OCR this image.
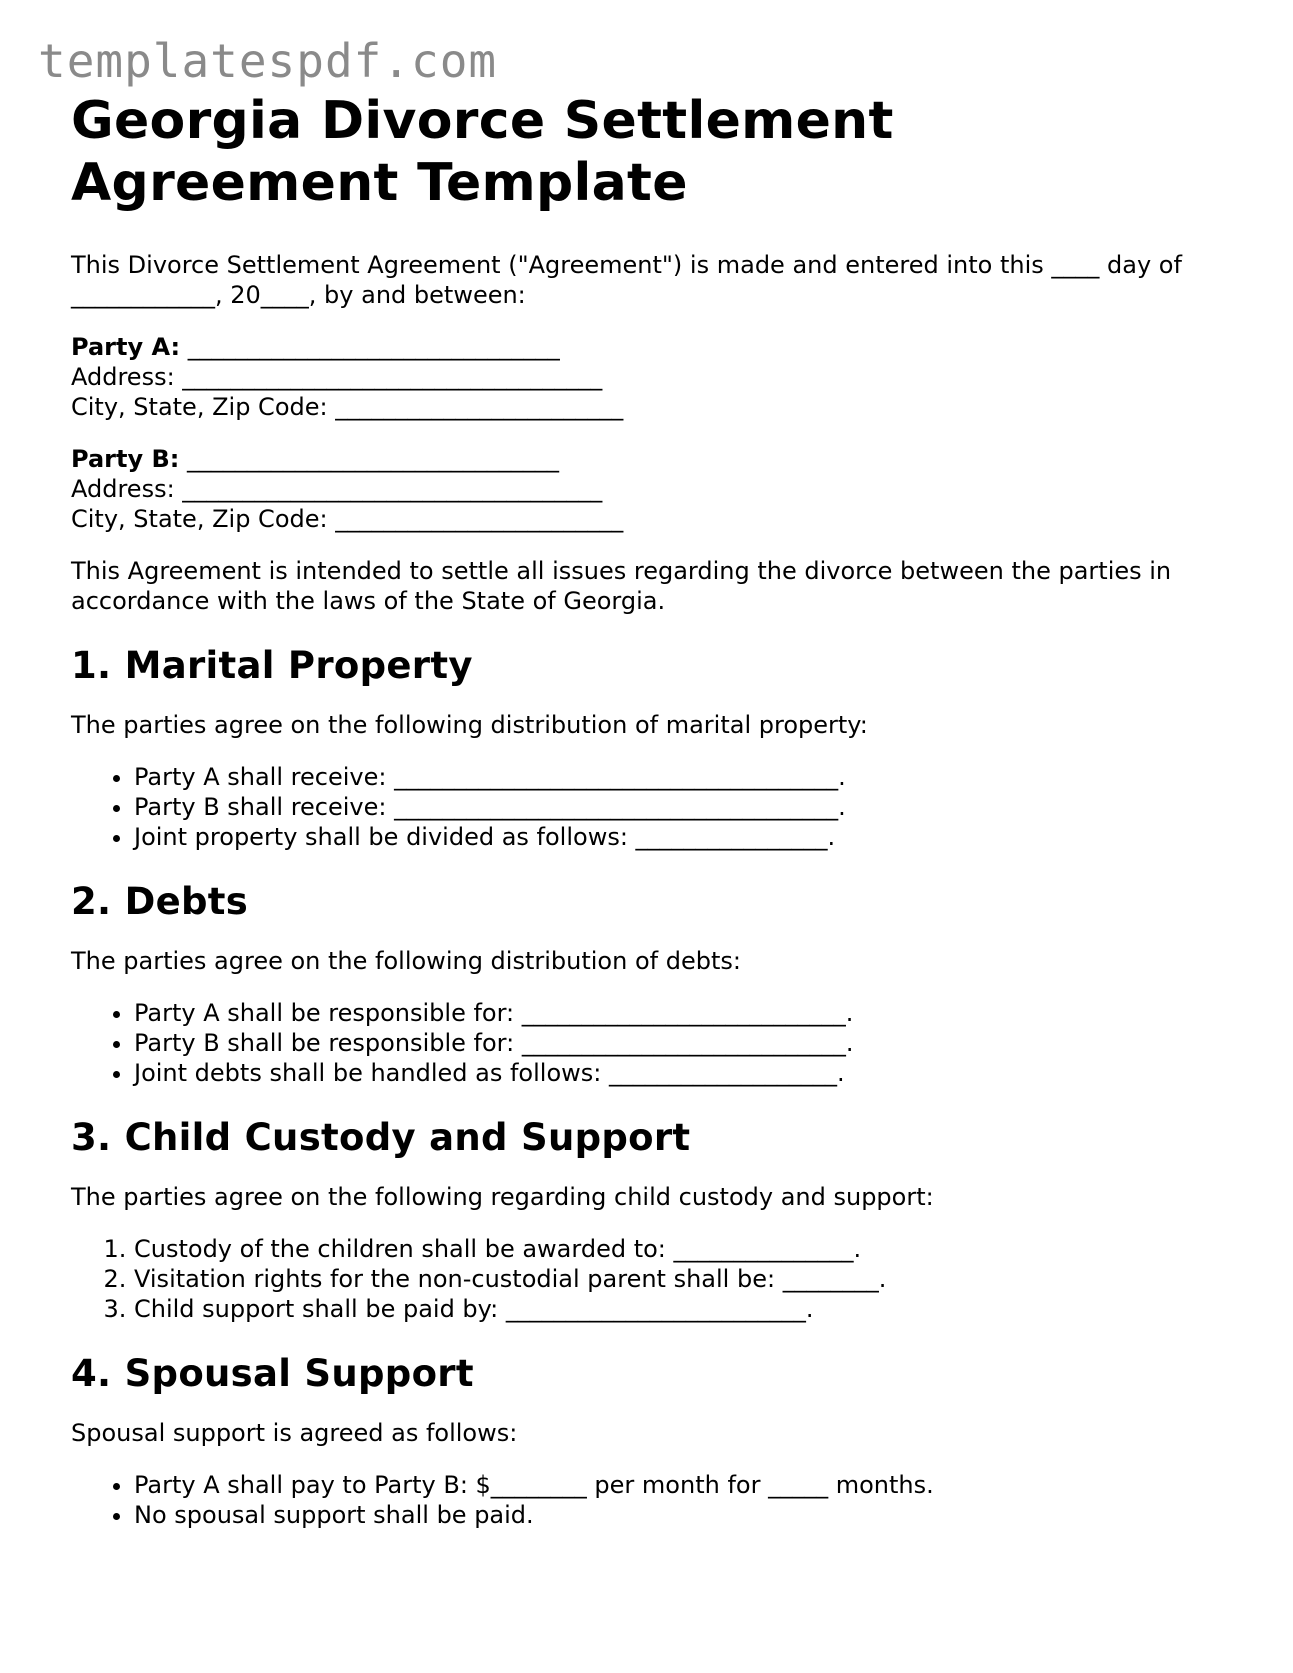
templatespdf.com
Georgia Divorce Settlement Agreement Template

This Divorce Settlement Agreement ("Agreement") is made and entered into this ____ day of ____________, 20____, by and between:

Party A: _______________________________
Address: ___________________________________
City, State, Zip Code: ________________________
Party B: _______________________________
Address: ___________________________________
City, State, Zip Code: ________________________

This Agreement is intended to settle all issues regarding the divorce between the parties in accordance with the laws of the State of Georgia.

1. Marital Property

The parties agree on the following distribution of marital property:

• Party A shall receive: _____________________________________.
• Party B shall receive: _____________________________________.
• Joint property shall be divided as follows: ________________.
2. Debts

The parties agree on the following distribution of debts:

• Party A shall be responsible for: ___________________________.
• Party B shall be responsible for: ___________________________.
• Joint debts shall be handled as follows: ___________________.
3. Child Custody and Support

The parties agree on the following regarding child custody and support:

1. Custody of the children shall be awarded to: _______________.
2. Visitation rights for the non-custodial parent shall be: ________.
3. Child support shall be paid by: _________________________.
4. Spousal Support

Spousal support is agreed as follows:

• Party A shall pay to Party B: $________ per month for _____ months.
• No spousal support shall be paid.
